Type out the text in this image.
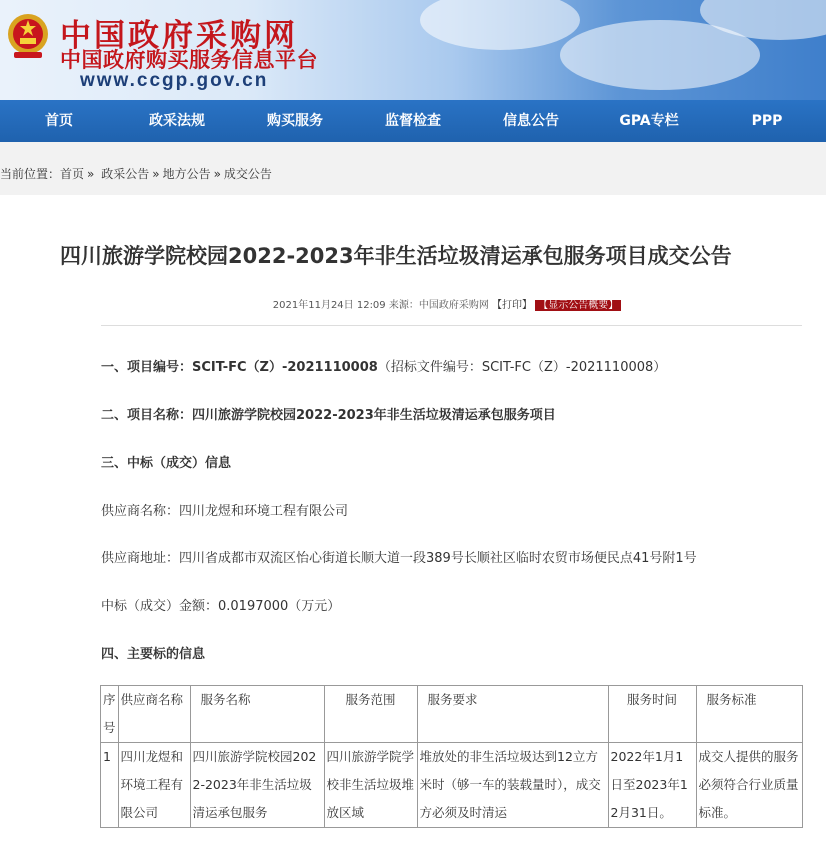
中国政府采购网
中国政府购买服务信息平台
www.ccgp.gov.cn
首页	政采法规	购买服务	监督检查	信息公告	GPA专栏	PPP
当前位置：首页 » 政采公告 » 地方公告 » 成交公告
四川旅游学院校园2022-2023年非生活垃圾清运承包服务项目成交公告
2021年11月24日 12:09 来源：中国政府采购网 【打印】 【显示公告概要】
一、项目编号：SCIT-FC（Z）-2021110008（招标文件编号：SCIT-FC（Z）-2021110008）
二、项目名称：四川旅游学院校园2022-2023年非生活垃圾清运承包服务项目
三、中标（成交）信息
供应商名称：四川龙煜和环境工程有限公司
供应商地址：四川省成都市双流区怡心街道长顺大道一段389号长顺社区临时农贸市场便民点41号附1号
中标（成交）金额：0.0197000（万元）
四、主要标的信息
序号	供应商名称	服务名称	服务范围	服务要求	服务时间	服务标准
1	四川龙煜和环境工程有限公司	四川旅游学院校园2022-2023年非生活垃圾清运承包服务	四川旅游学院学校非生活垃圾堆放区域	堆放处的非生活垃圾达到12立方米时（够一车的装载量时），成交方必须及时清运	2022年1月1日至2023年12月31日。	成交人提供的服务必须符合行业质量标准。
